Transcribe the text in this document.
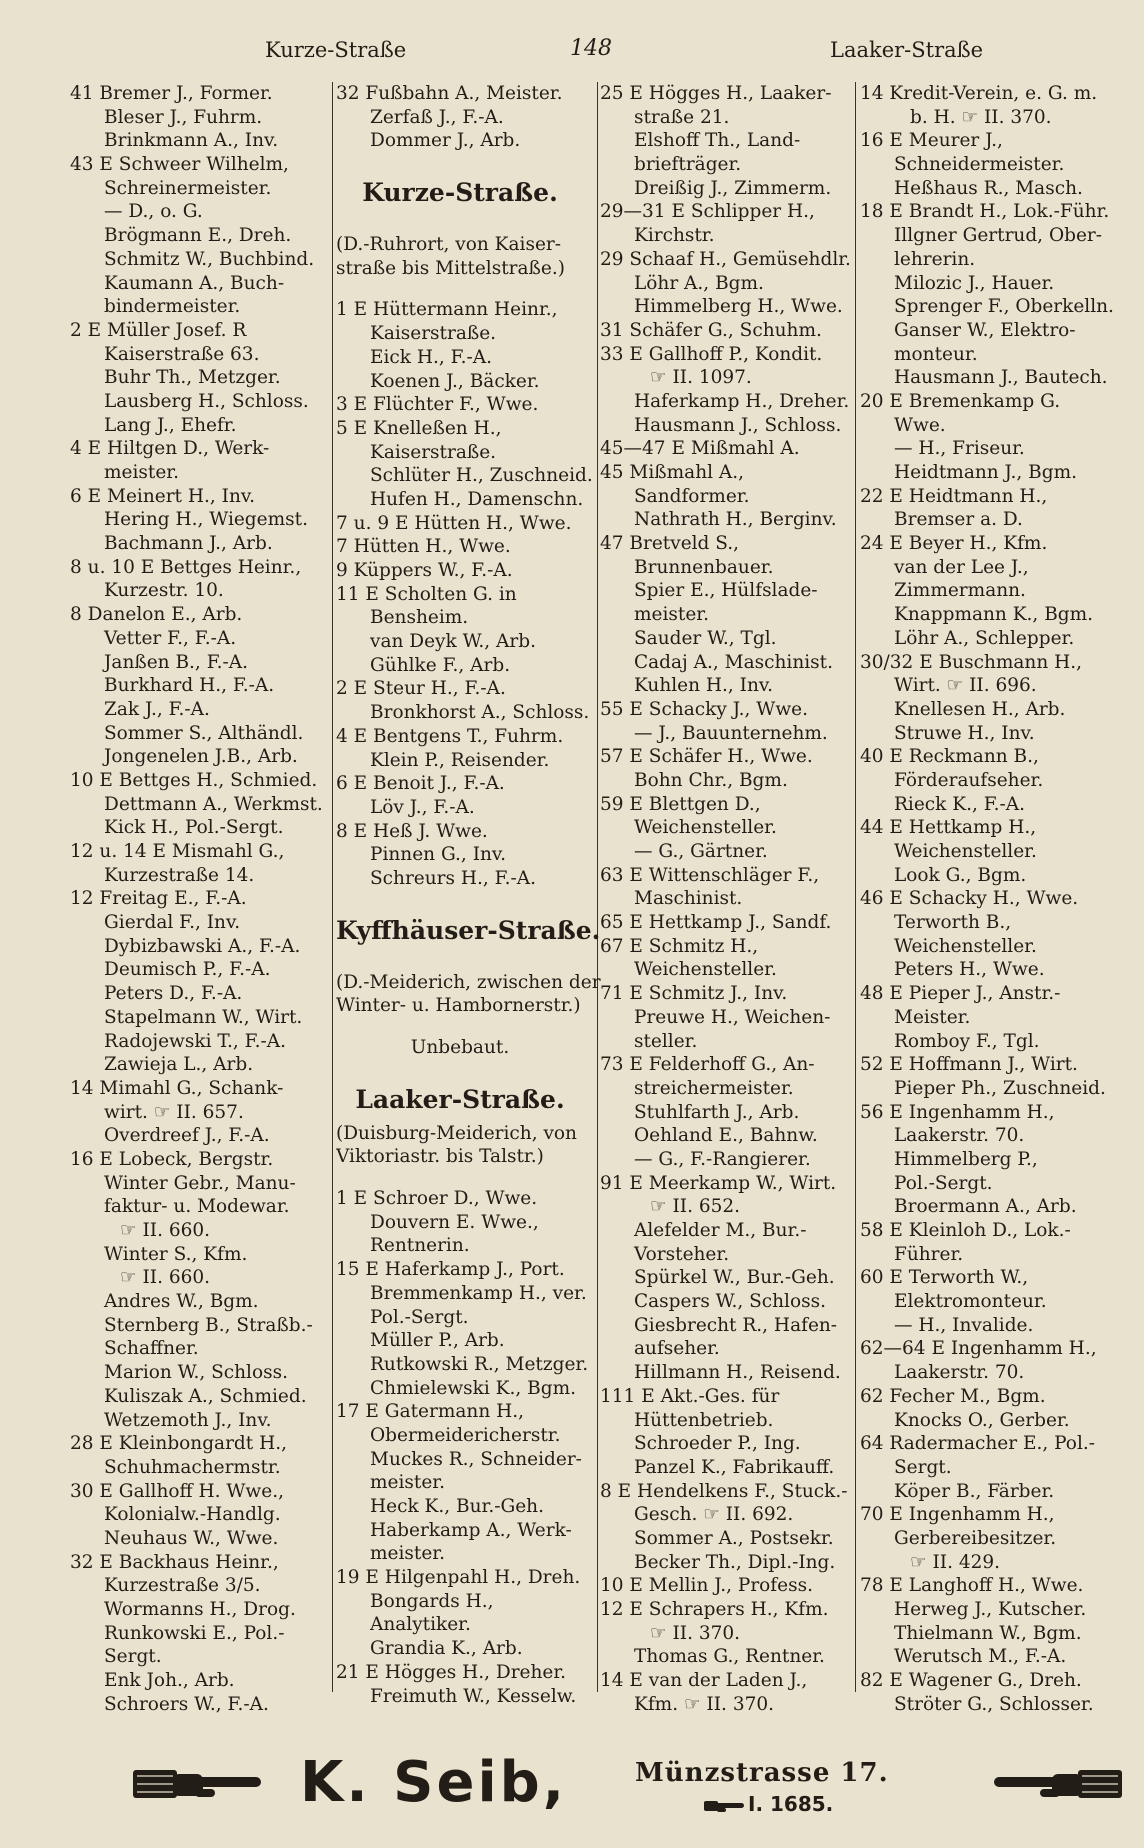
Kurze-Straße	148	Laaker-Straße
41 Bremer J., Former.
Bleser J., Fuhrm.
Brinkmann A., Inv.
43 E Schweer Wilhelm,
Schreinermeister.
— D., o. G.
Brögmann E., Dreh.
Schmitz W., Buchbind.
Kaumann A., Buch-
bindermeister.
2 E Müller Josef. R
Kaiserstraße 63.
Buhr Th., Metzger.
Lausberg H., Schloss.
Lang J., Ehefr.
4 E Hiltgen D., Werk-
meister.
6 E Meinert H., Inv.
Hering H., Wiegemst.
Bachmann J., Arb.
8 u. 10 E Bettges Heinr.,
Kurzestr. 10.
8 Danelon E., Arb.
Vetter F., F.-A.
Janßen B., F.-A.
Burkhard H., F.-A.
Zak J., F.-A.
Sommer S., Althändl.
Jongenelen J.B., Arb.
10 E Bettges H., Schmied.
Dettmann A., Werkmst.
Kick H., Pol.-Sergt.
12 u. 14 E Mismahl G.,
Kurzestraße 14.
12 Freitag E., F.-A.
Gierdal F., Inv.
Dybizbawski A., F.-A.
Deumisch P., F.-A.
Peters D., F.-A.
Stapelmann W., Wirt.
Radojewski T., F.-A.
Zawieja L., Arb.
14 Mimahl G., Schank-
wirt. ☞ II. 657.
Overdreef J., F.-A.
16 E Lobeck, Bergstr.
Winter Gebr., Manu-
faktur- u. Modewar.
☞ II. 660.
Winter S., Kfm.
☞ II. 660.
Andres W., Bgm.
Sternberg B., Straßb.-
Schaffner.
Marion W., Schloss.
Kuliszak A., Schmied.
Wetzemoth J., Inv.
28 E Kleinbongardt H.,
Schuhmachermstr.
30 E Gallhoff H. Wwe.,
Kolonialw.-Handlg.
Neuhaus W., Wwe.
32 E Backhaus Heinr.,
Kurzestraße 3/5.
Wormanns H., Drog.
Runkowski E., Pol.-
Sergt.
Enk Joh., Arb.
Schroers W., F.-A.
32 Fußbahn A., Meister.
Zerfaß J., F.-A.
Dommer J., Arb.
Kurze-Straße.
(D.-Ruhrort, von Kaiser-
straße bis Mittelstraße.)
1 E Hüttermann Heinr.,
Kaiserstraße.
Eick H., F.-A.
Koenen J., Bäcker.
3 E Flüchter F., Wwe.
5 E Knelleßen H.,
Kaiserstraße.
Schlüter H., Zuschneid.
Hufen H., Damenschn.
7 u. 9 E Hütten H., Wwe.
7 Hütten H., Wwe.
9 Küppers W., F.-A.
11 E Scholten G. in
Bensheim.
van Deyk W., Arb.
Gühlke F., Arb.
2 E Steur H., F.-A.
Bronkhorst A., Schloss.
4 E Bentgens T., Fuhrm.
Klein P., Reisender.
6 E Benoit J., F.-A.
Löv J., F.-A.
8 E Heß J. Wwe.
Pinnen G., Inv.
Schreurs H., F.-A.
Kyffhäuser-Straße.
(D.-Meiderich, zwischen der
Winter- u. Hambornerstr.)
Unbebaut.
Laaker-Straße.
(Duisburg-Meiderich, von
Viktoriastr. bis Talstr.)
1 E Schroer D., Wwe.
Douvern E. Wwe.,
Rentnerin.
15 E Haferkamp J., Port.
Bremmenkamp H., ver.
Pol.-Sergt.
Müller P., Arb.
Rutkowski R., Metzger.
Chmielewski K., Bgm.
17 E Gatermann H.,
Obermeidericherstr.
Muckes R., Schneider-
meister.
Heck K., Bur.-Geh.
Haberkamp A., Werk-
meister.
19 E Hilgenpahl H., Dreh.
Bongards H.,
Analytiker.
Grandia K., Arb.
21 E Högges H., Dreher.
Freimuth W., Kesselw.
25 E Högges H., Laaker-
straße 21.
Elshoff Th., Land-
briefträger.
Dreißig J., Zimmerm.
29—31 E Schlipper H.,
Kirchstr.
29 Schaaf H., Gemüsehdlr.
Löhr A., Bgm.
Himmelberg H., Wwe.
31 Schäfer G., Schuhm.
33 E Gallhoff P., Kondit.
☞ II. 1097.
Haferkamp H., Dreher.
Hausmann J., Schloss.
45—47 E Mißmahl A.
45 Mißmahl A.,
Sandformer.
Nathrath H., Berginv.
47 Bretveld S.,
Brunnenbauer.
Spier E., Hülfslade-
meister.
Sauder W., Tgl.
Cadaj A., Maschinist.
Kuhlen H., Inv.
55 E Schacky J., Wwe.
— J., Bauunternehm.
57 E Schäfer H., Wwe.
Bohn Chr., Bgm.
59 E Blettgen D.,
Weichensteller.
— G., Gärtner.
63 E Wittenschläger F.,
Maschinist.
65 E Hettkamp J., Sandf.
67 E Schmitz H.,
Weichensteller.
71 E Schmitz J., Inv.
Preuwe H., Weichen-
steller.
73 E Felderhoff G., An-
streichermeister.
Stuhlfarth J., Arb.
Oehland E., Bahnw.
— G., F.-Rangierer.
91 E Meerkamp W., Wirt.
☞ II. 652.
Alefelder M., Bur.-
Vorsteher.
Spürkel W., Bur.-Geh.
Caspers W., Schloss.
Giesbrecht R., Hafen-
aufseher.
Hillmann H., Reisend.
111 E Akt.-Ges. für
Hüttenbetrieb.
Schroeder P., Ing.
Panzel K., Fabrikauff.
8 E Hendelkens F., Stuck.-
Gesch. ☞ II. 692.
Sommer A., Postsekr.
Becker Th., Dipl.-Ing.
10 E Mellin J., Profess.
12 E Schrapers H., Kfm.
☞ II. 370.
Thomas G., Rentner.
14 E van der Laden J.,
Kfm. ☞ II. 370.
14 Kredit-Verein, e. G. m.
b. H. ☞ II. 370.
16 E Meurer J.,
Schneidermeister.
Heßhaus R., Masch.
18 E Brandt H., Lok.-Führ.
Illgner Gertrud, Ober-
lehrerin.
Milozic J., Hauer.
Sprenger F., Oberkelln.
Ganser W., Elektro-
monteur.
Hausmann J., Bautech.
20 E Bremenkamp G.
Wwe.
— H., Friseur.
Heidtmann J., Bgm.
22 E Heidtmann H.,
Bremser a. D.
24 E Beyer H., Kfm.
van der Lee J.,
Zimmermann.
Knappmann K., Bgm.
Löhr A., Schlepper.
30/32 E Buschmann H.,
Wirt. ☞ II. 696.
Knellesen H., Arb.
Struwe H., Inv.
40 E Reckmann B.,
Förderaufseher.
Rieck K., F.-A.
44 E Hettkamp H.,
Weichensteller.
Look G., Bgm.
46 E Schacky H., Wwe.
Terworth B.,
Weichensteller.
Peters H., Wwe.
48 E Pieper J., Anstr.-
Meister.
Romboy F., Tgl.
52 E Hoffmann J., Wirt.
Pieper Ph., Zuschneid.
56 E Ingenhamm H.,
Laakerstr. 70.
Himmelberg P.,
Pol.-Sergt.
Broermann A., Arb.
58 E Kleinloh D., Lok.-
Führer.
60 E Terworth W.,
Elektromonteur.
— H., Invalide.
62—64 E Ingenhamm H.,
Laakerstr. 70.
62 Fecher M., Bgm.
Knocks O., Gerber.
64 Radermacher E., Pol.-
Sergt.
Köper B., Färber.
70 E Ingenhamm H.,
Gerbereibesitzer.
☞ II. 429.
78 E Langhoff H., Wwe.
Herweg J., Kutscher.
Thielmann W., Bgm.
Werutsch M., F.-A.
82 E Wagener G., Dreh.
Ströter G., Schlosser.
K. Seib,	Münzstrasse 17.
I. 1685.
